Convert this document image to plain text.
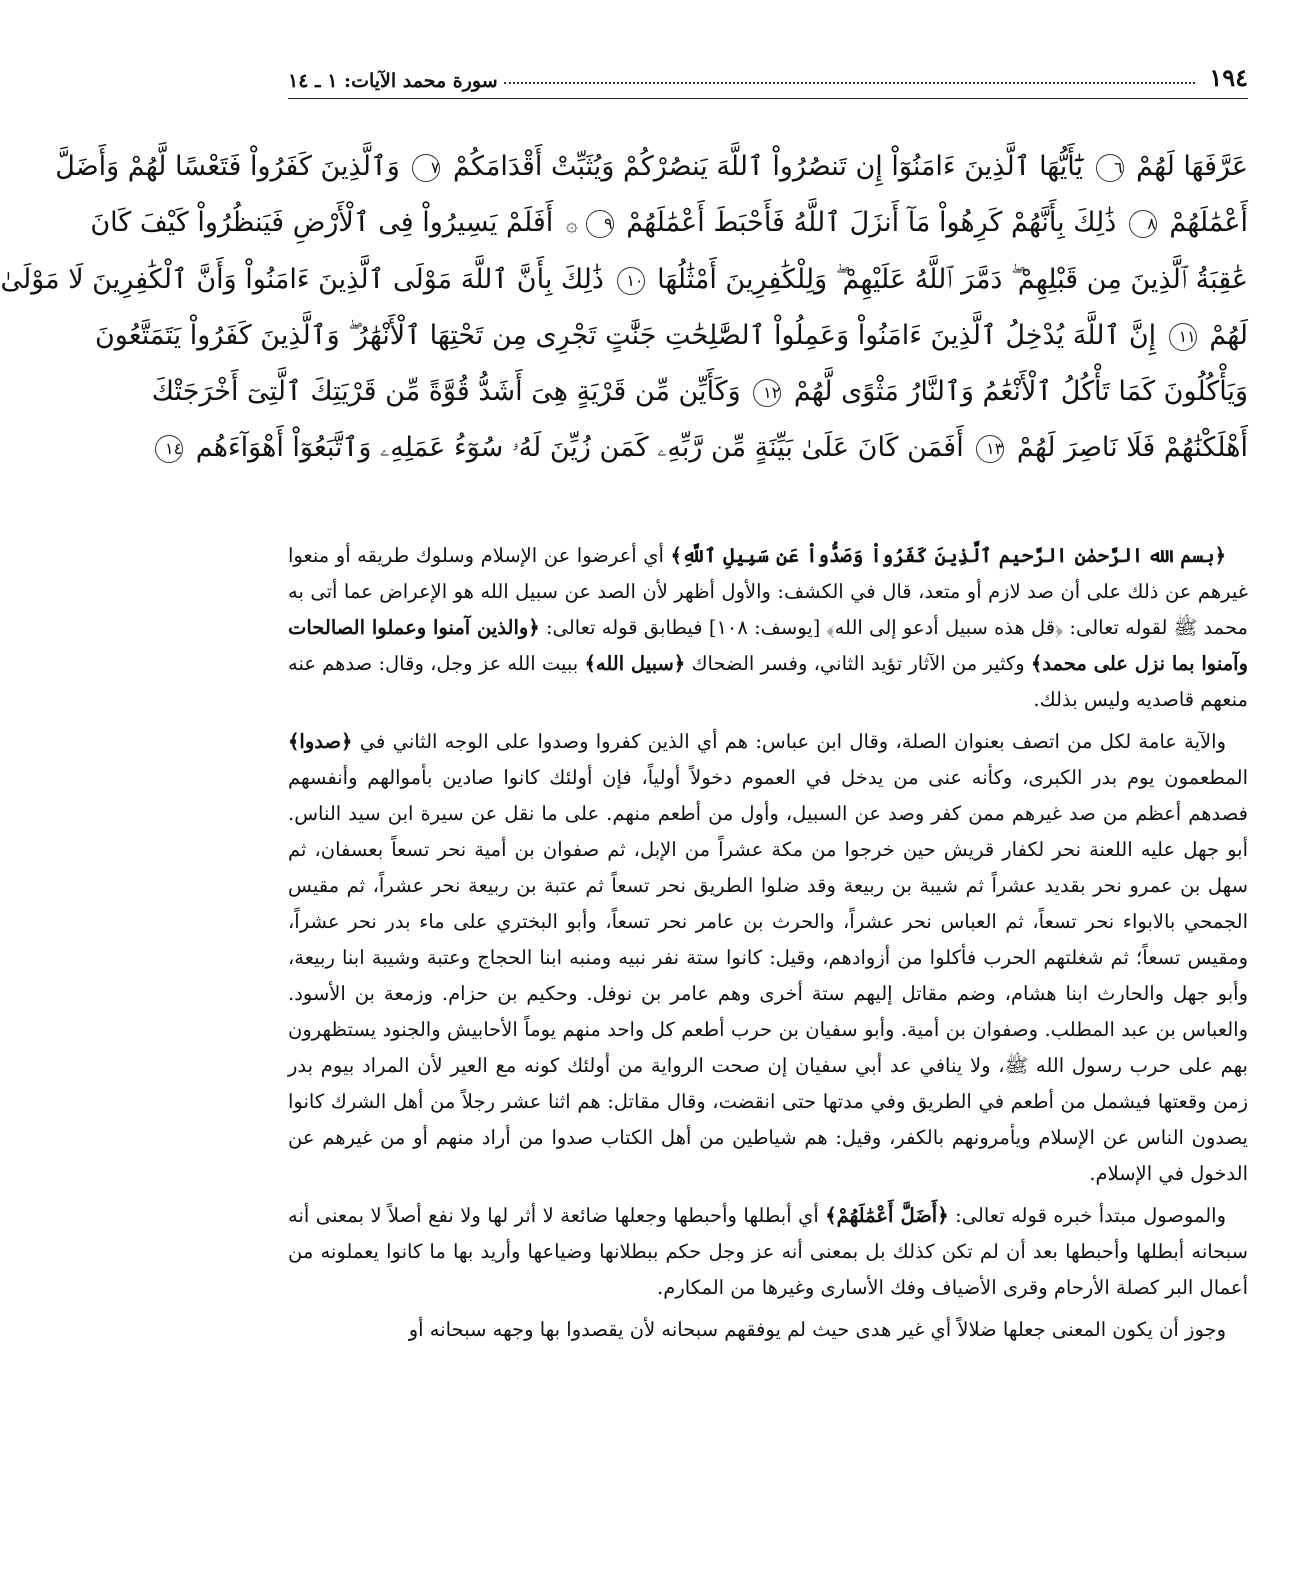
١٩٤
سورة محمد الآيات: ١ ـ ١٤
عَرَّفَهَا لَهُمْ ٦ يَٰٓأَيُّهَا ٱلَّذِينَ ءَامَنُوٓاْ إِن تَنصُرُواْ ٱللَّهَ يَنصُرْكُمْ وَيُثَبِّتْ أَقْدَامَكُمْ ٧ وَٱلَّذِينَ كَفَرُواْ فَتَعْسًا لَّهُمْ وَأَضَلَّ
أَعْمَٰلَهُمْ ٨ ذَٰلِكَ بِأَنَّهُمْ كَرِهُواْ مَآ أَنزَلَ ٱللَّهُ فَأَحْبَطَ أَعْمَٰلَهُمْ ٩۞ أَفَلَمْ يَسِيرُواْ فِى ٱلْأَرْضِ فَيَنظُرُواْ كَيْفَ كَانَ
عَٰقِبَةُ ٱلَّذِينَ مِن قَبْلِهِمْ ۖ دَمَّرَ ٱللَّهُ عَلَيْهِمْ ۖ وَلِلْكَٰفِرِينَ أَمْثَٰلُهَا ١٠ ذَٰلِكَ بِأَنَّ ٱللَّهَ مَوْلَى ٱلَّذِينَ ءَامَنُواْ وَأَنَّ ٱلْكَٰفِرِينَ لَا مَوْلَىٰ
لَهُمْ ١١ إِنَّ ٱللَّهَ يُدْخِلُ ٱلَّذِينَ ءَامَنُواْ وَعَمِلُواْ ٱلصَّٰلِحَٰتِ جَنَّٰتٍ تَجْرِى مِن تَحْتِهَا ٱلْأَنْهَٰرُ ۖ وَٱلَّذِينَ كَفَرُواْ يَتَمَتَّعُونَ
وَيَأْكُلُونَ كَمَا تَأْكُلُ ٱلْأَنْعَٰمُ وَٱلنَّارُ مَثْوًى لَّهُمْ ١٢ وَكَأَيِّن مِّن قَرْيَةٍ هِىَ أَشَدُّ قُوَّةً مِّن قَرْيَتِكَ ٱلَّتِىٓ أَخْرَجَتْكَ
أَهْلَكْنَٰهُمْ فَلَا نَاصِرَ لَهُمْ ١٣ أَفَمَن كَانَ عَلَىٰ بَيِّنَةٍ مِّن رَّبِّهِۦ كَمَن زُيِّنَ لَهُۥ سُوٓءُ عَمَلِهِۦ وَٱتَّبَعُوٓاْ أَهْوَآءَهُم ١٤

﴿بسم الله الرَّحمٰن الرَّحيم ٱلَّذِينَ كَفَرُواْ وَصَدُّواْ عَن سَبِيلِ ٱللَّهِ﴾ أي أعرضوا عن الإسلام وسلوك طريقه أو منعوا غيرهم عن ذلك على أن صد لازم أو متعد، قال في الكشف: والأول أظهر لأن الصد عن سبيل الله هو الإعراض عما أتى به محمد ﷺ لقوله تعالى: ﴿قل هذه سبيل أدعو إلى الله﴾ [يوسف: ١٠٨] فيطابق قوله تعالى: ﴿والذين آمنوا وعملوا الصالحات وآمنوا بما نزل على محمد﴾ وكثير من الآثار تؤيد الثاني، وفسر الضحاك ﴿سبيل الله﴾ ببيت الله عز وجل، وقال: صدهم عنه منعهم قاصديه وليس بذلك.

والآية عامة لكل من اتصف بعنوان الصلة، وقال ابن عباس: هم أي الذين كفروا وصدوا على الوجه الثاني في ﴿صدوا﴾ المطعمون يوم بدر الكبرى، وكأنه عنى من يدخل في العموم دخولاً أولياً، فإن أولئك كانوا صادين بأموالهم وأنفسهم فصدهم أعظم من صد غيرهم ممن كفر وصد عن السبيل، وأول من أطعم منهم. على ما نقل عن سيرة ابن سيد الناس. أبو جهل عليه اللعنة نحر لكفار قريش حين خرجوا من مكة عشراً من الإبل، ثم صفوان بن أمية نحر تسعاً بعسفان، ثم سهل بن عمرو نحر بقديد عشراً ثم شيبة بن ربيعة وقد ضلوا الطريق نحر تسعاً ثم عتبة بن ربيعة نحر عشراً، ثم مقيس الجمحي بالابواء نحر تسعاً، ثم العباس نحر عشراً، والحرث بن عامر نحر تسعاً، وأبو البختري على ماء بدر نحر عشراً، ومقيس تسعاً؛ ثم شغلتهم الحرب فأكلوا من أزوادهم، وقيل: كانوا ستة نفر نبيه ومنبه ابنا الحجاج وعتبة وشيبة ابنا ربيعة، وأبو جهل والحارث ابنا هشام، وضم مقاتل إليهم ستة أخرى وهم عامر بن نوفل. وحكيم بن حزام. وزمعة بن الأسود. والعباس بن عبد المطلب. وصفوان بن أمية. وأبو سفيان بن حرب أطعم كل واحد منهم يوماً الأحابيش والجنود يستظهرون بهم على حرب رسول الله ﷺ، ولا ينافي عد أبي سفيان إن صحت الرواية من أولئك كونه مع العير لأن المراد بيوم بدر زمن وقعتها فيشمل من أطعم في الطريق وفي مدتها حتى انقضت، وقال مقاتل: هم اثنا عشر رجلاً من أهل الشرك كانوا يصدون الناس عن الإسلام ويأمرونهم بالكفر، وقيل: هم شياطين من أهل الكتاب صدوا من أراد منهم أو من غيرهم عن الدخول في الإسلام.

والموصول مبتدأ خبره قوله تعالى: ﴿أَضَلَّ أَعْمَٰلَهُمْ﴾ أي أبطلها وأحبطها وجعلها ضائعة لا أثر لها ولا نفع أصلاً لا بمعنى أنه سبحانه أبطلها وأحبطها بعد أن لم تكن كذلك بل بمعنى أنه عز وجل حكم ببطلانها وضياعها وأريد بها ما كانوا يعملونه من أعمال البر كصلة الأرحام وقرى الأضياف وفك الأسارى وغيرها من المكارم.

وجوز أن يكون المعنى جعلها ضلالاً أي غير هدى حيث لم يوفقهم سبحانه لأن يقصدوا بها وجهه سبحانه أو
